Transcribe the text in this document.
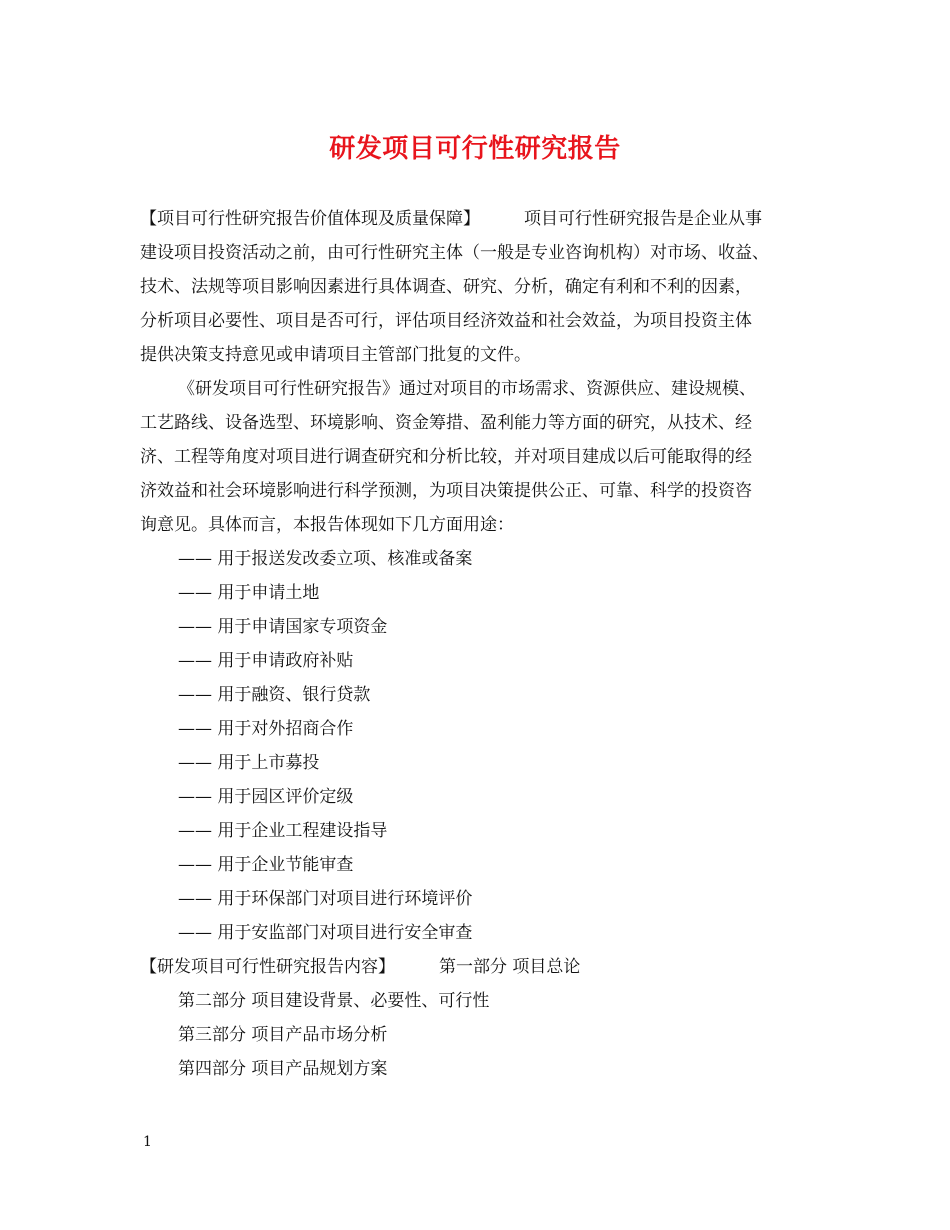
研发项目可行性研究报告
【项目可行性研究报告价值体现及质量保障】	项目可行性研究报告是企业从事
建设项目投资活动之前，由可行性研究主体（一般是专业咨询机构）对市场、收益、
技术、法规等项目影响因素进行具体调查、研究、分析，确定有利和不利的因素，
分析项目必要性、项目是否可行，评估项目经济效益和社会效益，为项目投资主体
提供决策支持意见或申请项目主管部门批复的文件。
《研发项目可行性研究报告》通过对项目的市场需求、资源供应、建设规模、
工艺路线、设备选型、环境影响、资金筹措、盈利能力等方面的研究，从技术、经
济、工程等角度对项目进行调查研究和分析比较，并对项目建成以后可能取得的经
济效益和社会环境影响进行科学预测，为项目决策提供公正、可靠、科学的投资咨
询意见。具体而言，本报告体现如下几方面用途：
—— 用于报送发改委立项、核准或备案
—— 用于申请土地
—— 用于申请国家专项资金
—— 用于申请政府补贴
—— 用于融资、银行贷款
—— 用于对外招商合作
—— 用于上市募投
—— 用于园区评价定级
—— 用于企业工程建设指导
—— 用于企业节能审查
—— 用于环保部门对项目进行环境评价
—— 用于安监部门对项目进行安全审查
【研发项目可行性研究报告内容】	第一部分 项目总论
第二部分 项目建设背景、必要性、可行性
第三部分 项目产品市场分析
第四部分 项目产品规划方案
1
